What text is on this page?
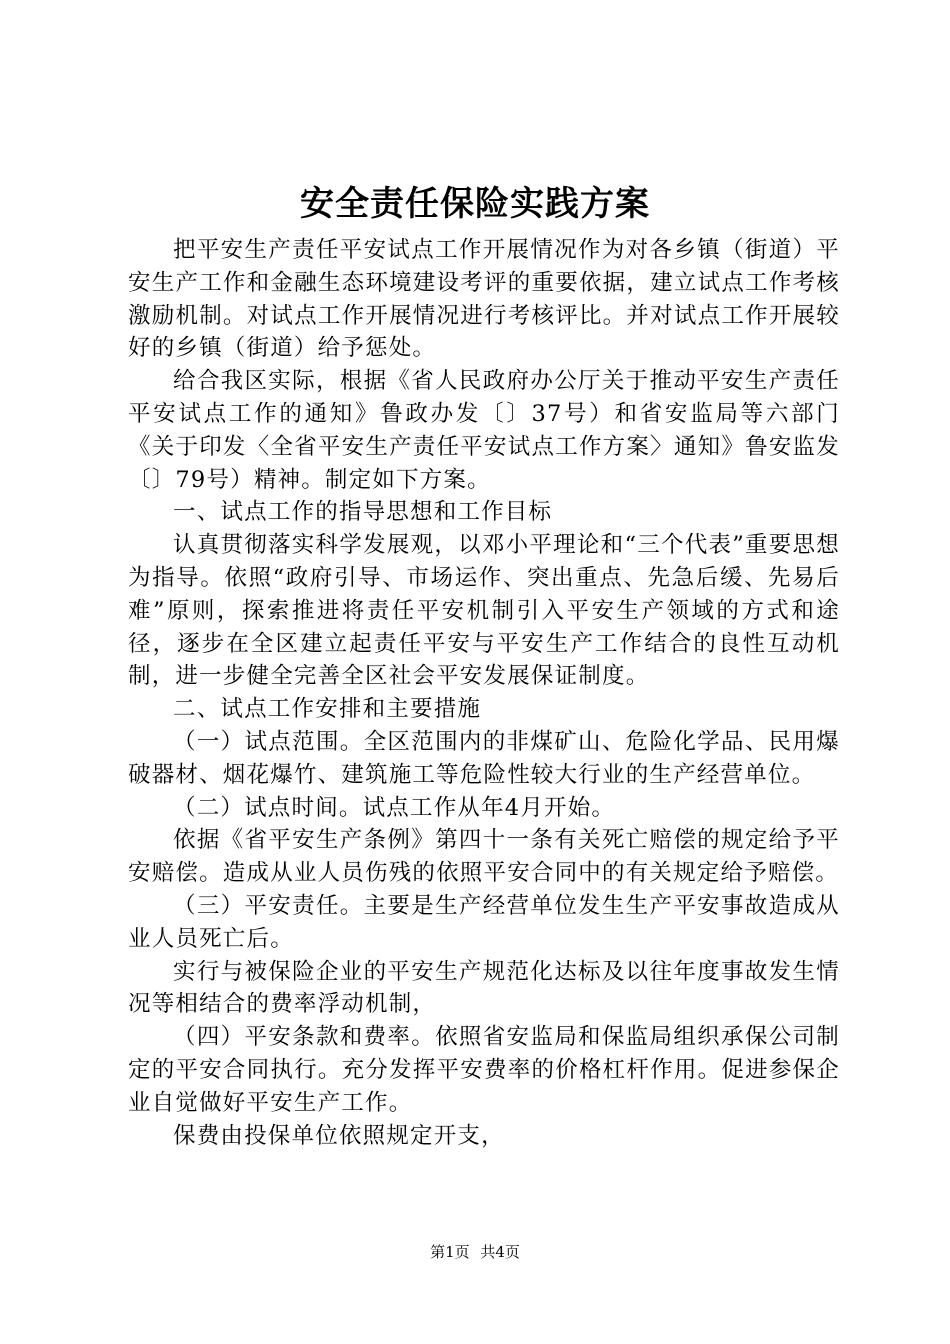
安全责任保险实践方案

把平安生产责任平安试点工作开展情况作为对各乡镇（街道）平安生产工作和金融生态环境建设考评的重要依据，建立试点工作考核激励机制。对试点工作开展情况进行考核评比。并对试点工作开展较好的乡镇（街道）给予惩处。

给合我区实际，根据《省人民政府办公厅关于推动平安生产责任平安试点工作的通知》鲁政办发〔〕37号）和省安监局等六部门《关于印发〈全省平安生产责任平安试点工作方案〉通知》鲁安监发〔〕79号）精神。制定如下方案。

一、试点工作的指导思想和工作目标

认真贯彻落实科学发展观，以邓小平理论和“三个代表”重要思想为指导。依照“政府引导、市场运作、突出重点、先急后缓、先易后难”原则，探索推进将责任平安机制引入平安生产领域的方式和途径，逐步在全区建立起责任平安与平安生产工作结合的良性互动机制，进一步健全完善全区社会平安发展保证制度。

二、试点工作安排和主要措施

（一）试点范围。全区范围内的非煤矿山、危险化学品、民用爆破器材、烟花爆竹、建筑施工等危险性较大行业的生产经营单位。

（二）试点时间。试点工作从年4月开始。

依据《省平安生产条例》第四十一条有关死亡赔偿的规定给予平安赔偿。造成从业人员伤残的依照平安合同中的有关规定给予赔偿。

（三）平安责任。主要是生产经营单位发生生产平安事故造成从业人员死亡后。

实行与被保险企业的平安生产规范化达标及以往年度事故发生情况等相结合的费率浮动机制，

（四）平安条款和费率。依照省安监局和保监局组织承保公司制定的平安合同执行。充分发挥平安费率的价格杠杆作用。促进参保企业自觉做好平安生产工作。

保费由投保单位依照规定开支，

第1页 共4页
